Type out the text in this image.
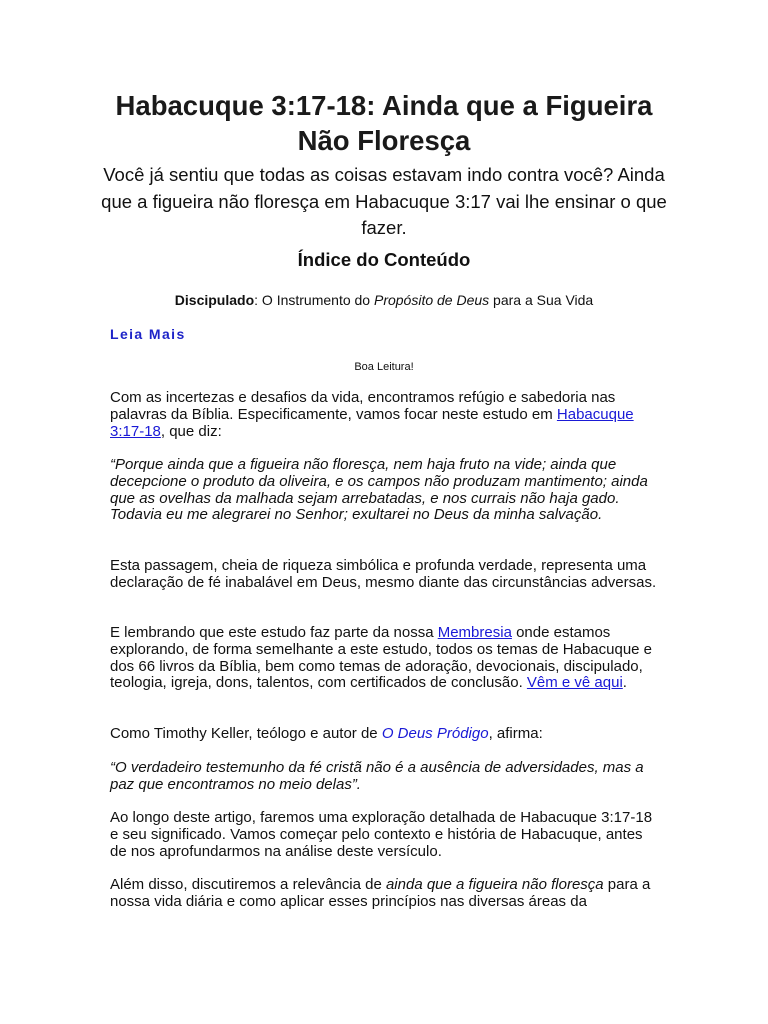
Habacuque 3:17-18: Ainda que a Figueira Não Floresça

Você já sentiu que todas as coisas estavam indo contra você? Ainda que a figueira não floresça em Habacuque 3:17 vai lhe ensinar o que fazer.

Índice do Conteúdo

Discipulado: O Instrumento do Propósito de Deus para a Sua Vida

Leia Mais

Boa Leitura!

Com as incertezas e desafios da vida, encontramos refúgio e sabedoria nas palavras da Bíblia. Especificamente, vamos focar neste estudo em Habacuque 3:17-18, que diz:

“Porque ainda que a figueira não floresça, nem haja fruto na vide; ainda que decepcione o produto da oliveira, e os campos não produzam mantimento; ainda que as ovelhas da malhada sejam arrebatadas, e nos currais não haja gado. Todavia eu me alegrarei no Senhor; exultarei no Deus da minha salvação.

Esta passagem, cheia de riqueza simbólica e profunda verdade, representa uma declaração de fé inabalável em Deus, mesmo diante das circunstâncias adversas.

E lembrando que este estudo faz parte da nossa Membresia onde estamos explorando, de forma semelhante a este estudo, todos os temas de Habacuque e dos 66 livros da Bíblia, bem como temas de adoração, devocionais, discipulado, teologia, igreja, dons, talentos, com certificados de conclusão. Vêm e vê aqui.

Como Timothy Keller, teólogo e autor de O Deus Pródigo, afirma:

“O verdadeiro testemunho da fé cristã não é a ausência de adversidades, mas a paz que encontramos no meio delas”.

Ao longo deste artigo, faremos uma exploração detalhada de Habacuque 3:17-18 e seu significado. Vamos começar pelo contexto e história de Habacuque, antes de nos aprofundarmos na análise deste versículo.

Além disso, discutiremos a relevância de ainda que a figueira não floresça para a nossa vida diária e como aplicar esses princípios nas diversas áreas da
